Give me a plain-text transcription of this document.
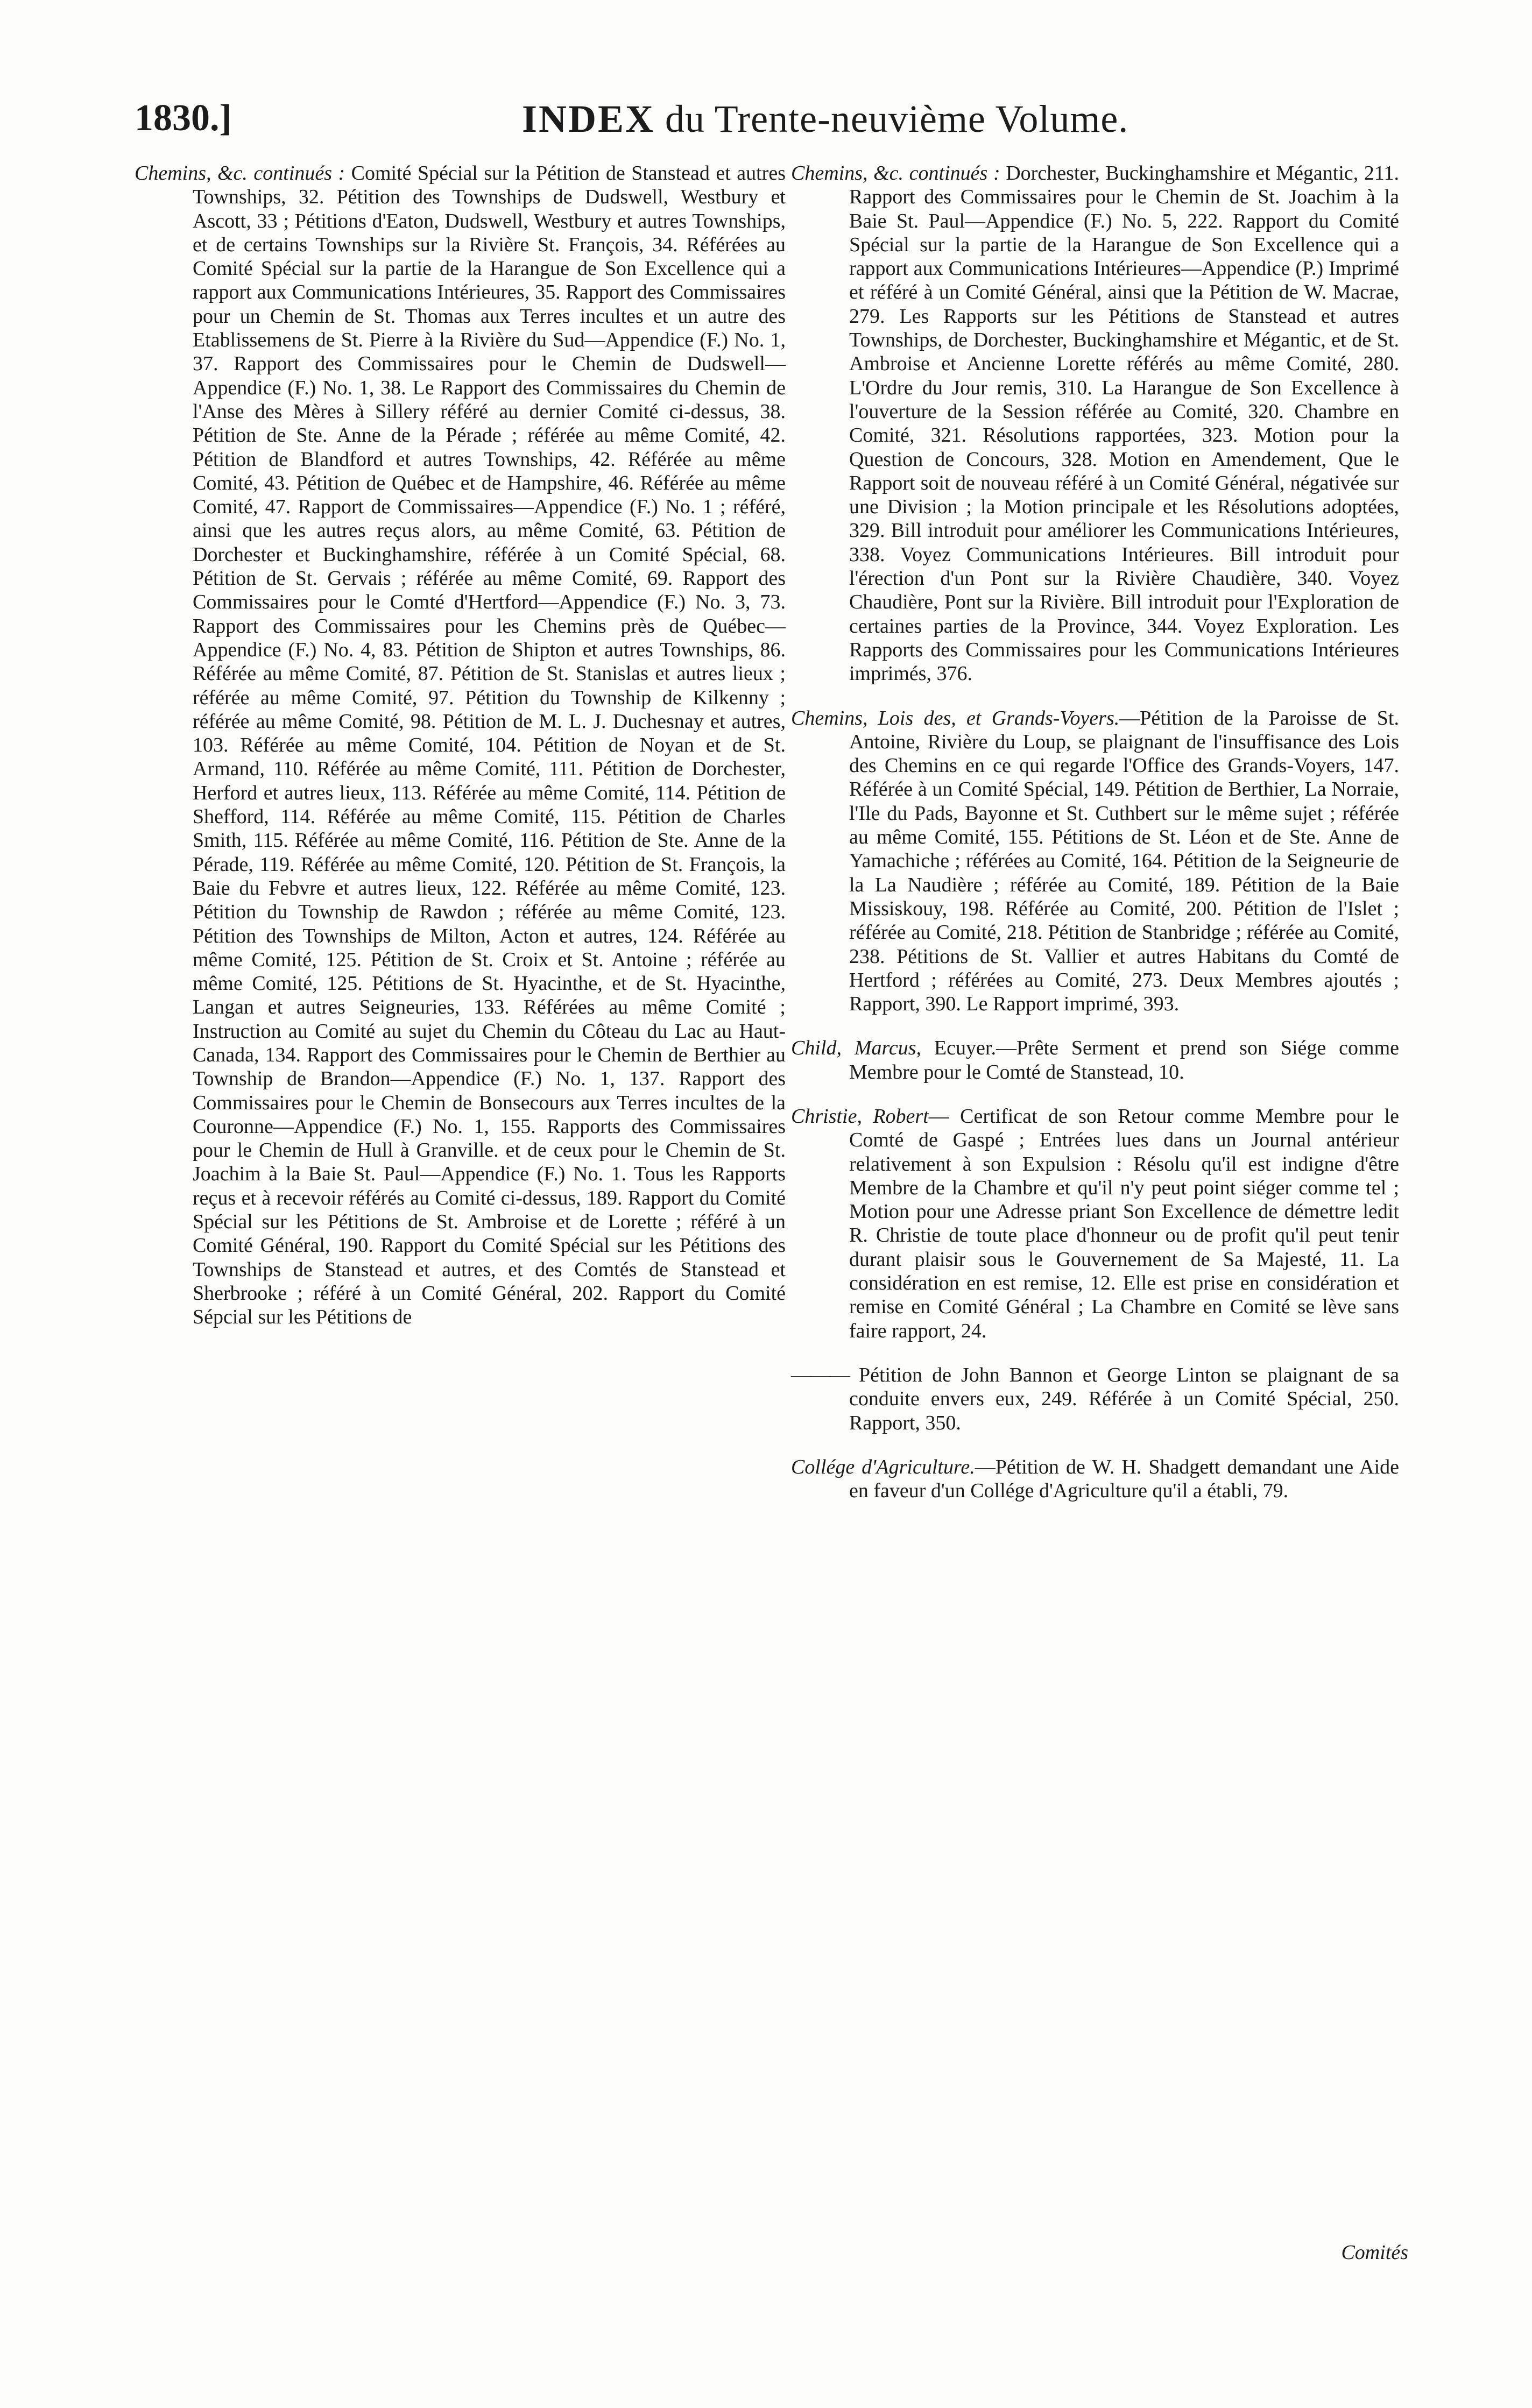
1830.]	INDEX du Trente-neuvième Volume.

Chemins, &c. continués : Comité Spécial sur la Pétition de Stanstead et autres Townships, 32. Pétition des Townships de Dudswell, Westbury et Ascott, 33 ; Pétitions d'Eaton, Dudswell, Westbury et autres Townships, et de certains Townships sur la Rivière St. François, 34. Référées au Comité Spécial sur la partie de la Harangue de Son Excellence qui a rapport aux Communications Intérieures, 35. Rapport des Commissaires pour un Chemin de St. Thomas aux Terres incultes et un autre des Etablissemens de St. Pierre à la Rivière du Sud—Appendice (F.) No. 1, 37. Rapport des Commissaires pour le Chemin de Dudswell—Appendice (F.) No. 1, 38. Le Rapport des Commissaires du Chemin de l'Anse des Mères à Sillery référé au dernier Comité ci-dessus, 38. Pétition de Ste. Anne de la Pérade ; référée au même Comité, 42. Pétition de Blandford et autres Townships, 42. Référée au même Comité, 43. Pétition de Québec et de Hampshire, 46. Référée au même Comité, 47. Rapport de Commissaires—Appendice (F.) No. 1 ; référé, ainsi que les autres reçus alors, au même Comité, 63. Pétition de Dorchester et Buckinghamshire, référée à un Comité Spécial, 68. Pétition de St. Gervais ; référée au même Comité, 69. Rapport des Commissaires pour le Comté d'Hertford—Appendice (F.) No. 3, 73. Rapport des Commissaires pour les Chemins près de Québec—Appendice (F.) No. 4, 83. Pétition de Shipton et autres Townships, 86. Référée au même Comité, 87. Pétition de St. Stanislas et autres lieux ; référée au même Comité, 97. Pétition du Township de Kilkenny ; référée au même Comité, 98. Pétition de M. L. J. Duchesnay et autres, 103. Référée au même Comité, 104. Pétition de Noyan et de St. Armand, 110. Référée au même Comité, 111. Pétition de Dorchester, Herford et autres lieux, 113. Référée au même Comité, 114. Pétition de Shefford, 114. Référée au même Comité, 115. Pétition de Charles Smith, 115. Référée au même Comité, 116. Pétition de Ste. Anne de la Pérade, 119. Référée au même Comité, 120. Pétition de St. François, la Baie du Febvre et autres lieux, 122. Référée au même Comité, 123. Pétition du Township de Rawdon ; référée au même Comité, 123. Pétition des Townships de Milton, Acton et autres, 124. Référée au même Comité, 125. Pétition de St. Croix et St. Antoine ; référée au même Comité, 125. Pétitions de St. Hyacinthe, et de St. Hyacinthe, Langan et autres Seigneuries, 133. Référées au même Comité ; Instruction au Comité au sujet du Chemin du Côteau du Lac au Haut-Canada, 134. Rapport des Commissaires pour le Chemin de Berthier au Township de Brandon—Appendice (F.) No. 1, 137. Rapport des Commissaires pour le Chemin de Bonsecours aux Terres incultes de la Couronne—Appendice (F.) No. 1, 155. Rapports des Commissaires pour le Chemin de Hull à Granville. et de ceux pour le Chemin de St. Joachim à la Baie St. Paul—Appendice (F.) No. 1. Tous les Rapports reçus et à recevoir référés au Comité ci-dessus, 189. Rapport du Comité Spécial sur les Pétitions de St. Ambroise et de Lorette ; référé à un Comité Général, 190. Rapport du Comité Spécial sur les Pétitions des Townships de Stanstead et autres, et des Comtés de Stanstead et Sherbrooke ; référé à un Comité Général, 202. Rapport du Comité Sépcial sur les Pétitions de

Chemins, &c. continués : Dorchester, Buckinghamshire et Mégantic, 211. Rapport des Commissaires pour le Chemin de St. Joachim à la Baie St. Paul—Appendice (F.) No. 5, 222. Rapport du Comité Spécial sur la partie de la Harangue de Son Excellence qui a rapport aux Communications Intérieures—Appendice (P.) Imprimé et référé à un Comité Général, ainsi que la Pétition de W. Macrae, 279. Les Rapports sur les Pétitions de Stanstead et autres Townships, de Dorchester, Buckinghamshire et Mégantic, et de St. Ambroise et Ancienne Lorette référés au même Comité, 280. L'Ordre du Jour remis, 310. La Harangue de Son Excellence à l'ouverture de la Session référée au Comité, 320. Chambre en Comité, 321. Résolutions rapportées, 323. Motion pour la Question de Concours, 328. Motion en Amendement, Que le Rapport soit de nouveau référé à un Comité Général, négativée sur une Division ; la Motion principale et les Résolutions adoptées, 329. Bill introduit pour améliorer les Communications Intérieures, 338. Voyez Communications Intérieures. Bill introduit pour l'érection d'un Pont sur la Rivière Chaudière, 340. Voyez Chaudière, Pont sur la Rivière. Bill introduit pour l'Exploration de certaines parties de la Province, 344. Voyez Exploration. Les Rapports des Commissaires pour les Communications Intérieures imprimés, 376.

Chemins, Lois des, et Grands-Voyers.—Pétition de la Paroisse de St. Antoine, Rivière du Loup, se plaignant de l'insuffisance des Lois des Chemins en ce qui regarde l'Office des Grands-Voyers, 147. Référée à un Comité Spécial, 149. Pétition de Berthier, La Norraie, l'Ile du Pads, Bayonne et St. Cuthbert sur le même sujet ; référée au même Comité, 155. Pétitions de St. Léon et de Ste. Anne de Yamachiche ; référées au Comité, 164. Pétition de la Seigneurie de la La Naudière ; référée au Comité, 189. Pétition de la Baie Missiskouy, 198. Référée au Comité, 200. Pétition de l'Islet ; référée au Comité, 218. Pétition de Stanbridge ; référée au Comité, 238. Pétitions de St. Vallier et autres Habitans du Comté de Hertford ; référées au Comité, 273. Deux Membres ajoutés ; Rapport, 390. Le Rapport imprimé, 393.

Child, Marcus, Ecuyer.—Prête Serment et prend son Siége comme Membre pour le Comté de Stanstead, 10.

Christie, Robert— Certificat de son Retour comme Membre pour le Comté de Gaspé ; Entrées lues dans un Journal antérieur relativement à son Expulsion : Résolu qu'il est indigne d'être Membre de la Chambre et qu'il n'y peut point siéger comme tel ; Motion pour une Adresse priant Son Excellence de démettre ledit R. Christie de toute place d'honneur ou de profit qu'il peut tenir durant plaisir sous le Gouvernement de Sa Majesté, 11. La considération en est remise, 12. Elle est prise en considération et remise en Comité Général ; La Chambre en Comité se lève sans faire rapport, 24.

——— Pétition de John Bannon et George Linton se plaignant de sa conduite envers eux, 249. Référée à un Comité Spécial, 250. Rapport, 350.

Collége d'Agriculture.—Pétition de W. H. Shadgett demandant une Aide en faveur d'un Collége d'Agriculture qu'il a établi, 79.

Comités
